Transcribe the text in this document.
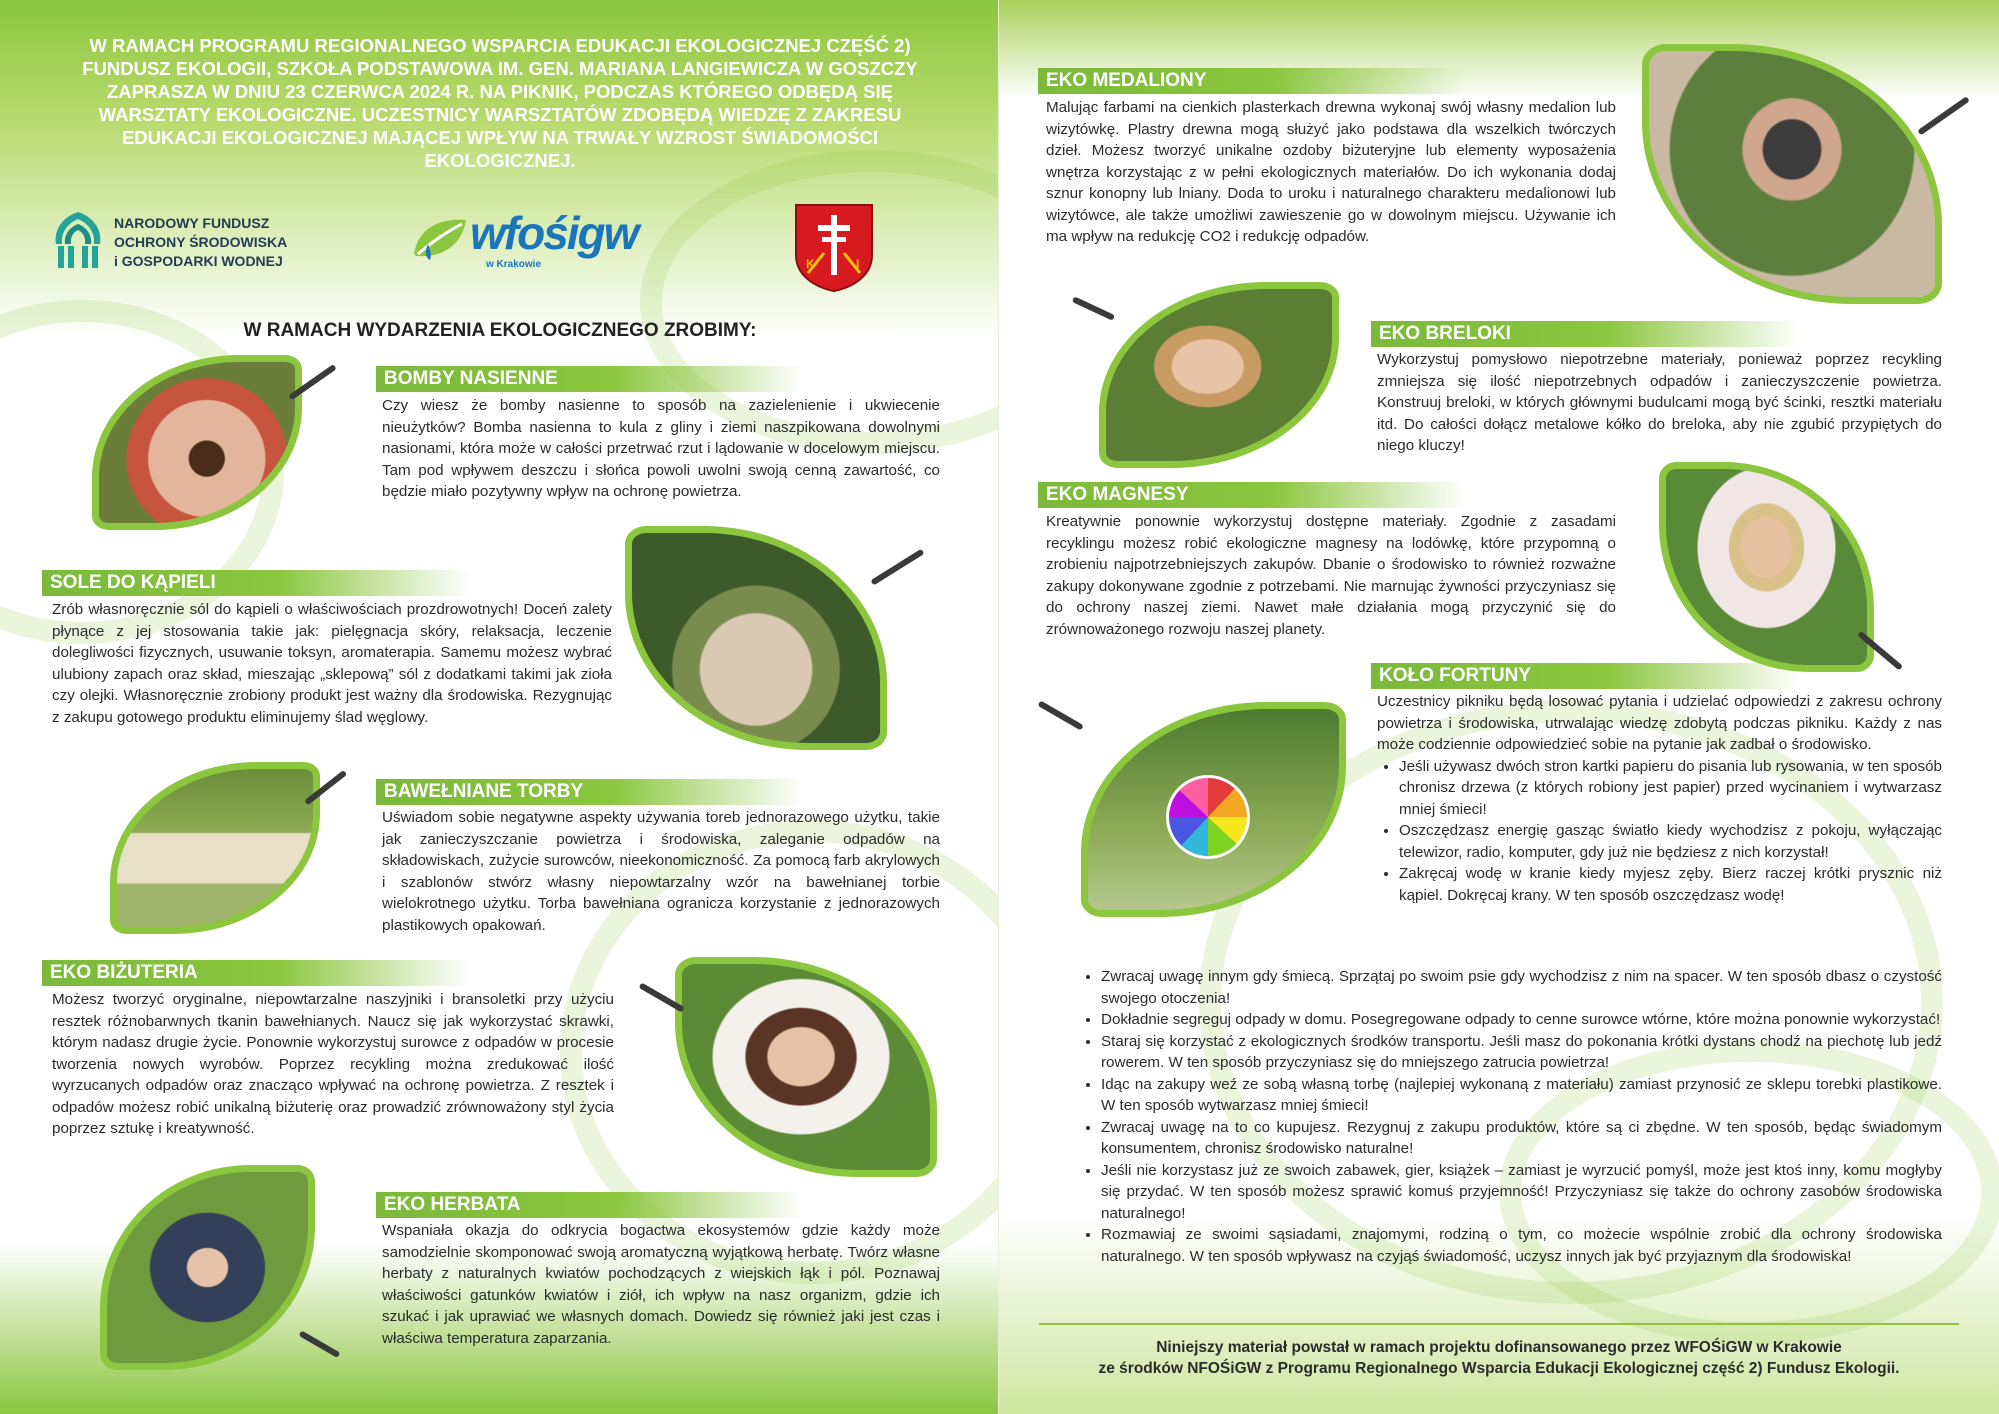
W RAMACH PROGRAMU REGIONALNEGO WSPARCIA EDUKACJI EKOLOGICZNEJ CZĘŚĆ 2) FUNDUSZ EKOLOGII, SZKOŁA PODSTAWOWA IM. GEN. MARIANA LANGIEWICZA W GOSZCZY ZAPRASZA W DNIU 23 CZERWCA 2024 R. NA PIKNIK, PODCZAS KTÓREGO ODBĘDĄ SIĘ WARSZTATY EKOLOGICZNE. UCZESTNICY WARSZTATÓW ZDOBĘDĄ WIEDZĘ Z ZAKRESU EDUKACJI EKOLOGICZNEJ MAJĄCEJ WPŁYW NA TRWAŁY WZROST ŚWIADOMOŚCI EKOLOGICZNEJ.
NARODOWY FUNDUSZ
OCHRONY ŚRODOWISKA
i GOSPODARKI WODNEJ
wfośigw
w Krakowie	K	I
W RAMACH WYDARZENIA EKOLOGICZNEGO ZROBIMY:
BOMBY NASIENNE
Czy wiesz że bomby nasienne to sposób na zazielenienie i ukwiecenie nieużytków? Bomba nasienna to kula z gliny i ziemi naszpikowana dowolnymi nasionami, która może w całości przetrwać rzut i lądowanie w docelowym miejscu. Tam pod wpływem deszczu i słońca powoli uwolni swoją cenną zawartość, co będzie miało pozytywny wpływ na ochronę powietrza.
SOLE DO KĄPIELI
Zrób własnoręcznie sól do kąpieli o właściwościach prozdrowotnych! Doceń zalety płynące z jej stosowania takie jak: pielęgnacja skóry, relaksacja, leczenie dolegliwości fizycznych, usuwanie toksyn, aromaterapia. Samemu możesz wybrać ulubiony zapach oraz skład, mieszając „sklepową” sól z dodatkami takimi jak zioła czy olejki. Własnoręcznie zrobiony produkt jest ważny dla środowiska. Rezygnując z zakupu gotowego produktu eliminujemy ślad węglowy.
BAWEŁNIANE TORBY
Uświadom sobie negatywne aspekty używania toreb jednorazowego użytku, takie jak zanieczyszczanie powietrza i środowiska, zaleganie odpadów na składowiskach, zużycie surowców, nieekonomiczność. Za pomocą farb akrylowych i szablonów stwórz własny niepowtarzalny wzór na bawełnianej torbie wielokrotnego użytku. Torba bawełniana ogranicza korzystanie z jednorazowych plastikowych opakowań.
EKO BIŻUTERIA
Możesz tworzyć oryginalne, niepowtarzalne naszyjniki i bransoletki przy użyciu resztek różnobarwnych tkanin bawełnianych. Naucz się jak wykorzystać skrawki, którym nadasz drugie życie. Ponownie wykorzystuj surowce z odpadów w procesie tworzenia nowych wyrobów. Poprzez recykling można zredukować ilość wyrzucanych odpadów oraz znacząco wpływać na ochronę powietrza. Z resztek i odpadów możesz robić unikalną biżuterię oraz prowadzić zrównoważony styl życia poprzez sztukę i kreatywność.
EKO HERBATA
Wspaniała okazja do odkrycia bogactwa ekosystemów gdzie każdy może samodzielnie skomponować swoją aromatyczną wyjątkową herbatę. Twórz własne herbaty z naturalnych kwiatów pochodzących z wiejskich łąk i pól. Poznawaj właściwości gatunków kwiatów i ziół, ich wpływ na nasz organizm, gdzie ich szukać i jak uprawiać we własnych domach. Dowiedz się również jaki jest czas i właściwa temperatura zaparzania.
EKO MEDALIONY
Malując farbami na cienkich plasterkach drewna wykonaj swój własny medalion lub wizytówkę. Plastry drewna mogą służyć jako podstawa dla wszelkich twórczych dzieł. Możesz tworzyć unikalne ozdoby biżuteryjne lub elementy wyposażenia wnętrza korzystając z w pełni ekologicznych materiałów. Do ich wykonania dodaj sznur konopny lub lniany. Doda to uroku i naturalnego charakteru medalionowi lub wizytówce, ale także umożliwi zawieszenie go w dowolnym miejscu. Używanie ich ma wpływ na redukcję CO2 i redukcję odpadów.
EKO BRELOKI
Wykorzystuj pomysłowo niepotrzebne materiały, ponieważ poprzez recykling zmniejsza się ilość niepotrzebnych odpadów i zanieczyszczenie powietrza. Konstruuj breloki, w których głównymi budulcami mogą być ścinki, resztki materiału itd. Do całości dołącz metalowe kółko do breloka, aby nie zgubić przypiętych do niego kluczy!
EKO MAGNESY
Kreatywnie ponownie wykorzystuj dostępne materiały. Zgodnie z zasadami recyklingu możesz robić ekologiczne magnesy na lodówkę, które przypomną o zrobieniu najpotrzebniejszych zakupów. Dbanie o środowisko to również rozważne zakupy dokonywane zgodnie z potrzebami. Nie marnując żywności przyczyniasz się do ochrony naszej ziemi. Nawet małe działania mogą przyczynić się do zrównoważonego rozwoju naszej planety.
KOŁO FORTUNY
Uczestnicy pikniku będą losować pytania i udzielać odpowiedzi z zakresu ochrony powietrza i środowiska, utrwalając wiedzę zdobytą podczas pikniku. Każdy z nas może codziennie odpowiedzieć sobie na pytanie jak zadbał o środowisko.
• Jeśli używasz dwóch stron kartki papieru do pisania lub rysowania, w ten sposób chronisz drzewa (z których robiony jest papier) przed wycinaniem i wytwarzasz mniej śmieci!
• Oszczędzasz energię gasząc światło kiedy wychodzisz z pokoju, wyłączając telewizor, radio, komputer, gdy już nie będziesz z nich korzystał!
• Zakręcaj wodę w kranie kiedy myjesz zęby. Bierz raczej krótki prysznic niż kąpiel. Dokręcaj krany. W ten sposób oszczędzasz wodę!
• Zwracaj uwagę innym gdy śmiecą. Sprzątaj po swoim psie gdy wychodzisz z nim na spacer. W ten sposób dbasz o czystość swojego otoczenia!
• Dokładnie segreguj odpady w domu. Posegregowane odpady to cenne surowce wtórne, które można ponownie wykorzystać!
• Staraj się korzystać z ekologicznych środków transportu. Jeśli masz do pokonania krótki dystans chodź na piechotę lub jedź rowerem. W ten sposób przyczyniasz się do mniejszego zatrucia powietrza!
• Idąc na zakupy weź ze sobą własną torbę (najlepiej wykonaną z materiału) zamiast przynosić ze sklepu torebki plastikowe. W ten sposób wytwarzasz mniej śmieci!
• Zwracaj uwagę na to co kupujesz. Rezygnuj z zakupu produktów, które są ci zbędne. W ten sposób, będąc świadomym konsumentem, chronisz środowisko naturalne!
• Jeśli nie korzystasz już ze swoich zabawek, gier, książek – zamiast je wyrzucić pomyśl, może jest ktoś inny, komu mogłyby się przydać. W ten sposób możesz sprawić komuś przyjemność! Przyczyniasz się także do ochrony zasobów środowiska naturalnego!
• Rozmawiaj ze swoimi sąsiadami, znajomymi, rodziną o tym, co możecie wspólnie zrobić dla ochrony środowiska naturalnego. W ten sposób wpływasz na czyjąś świadomość, uczysz innych jak być przyjaznym dla środowiska!
Niniejszy materiał powstał w ramach projektu dofinansowanego przez WFOŚiGW w Krakowie
ze środków NFOŚiGW z Programu Regionalnego Wsparcia Edukacji Ekologicznej część 2) Fundusz Ekologii.
